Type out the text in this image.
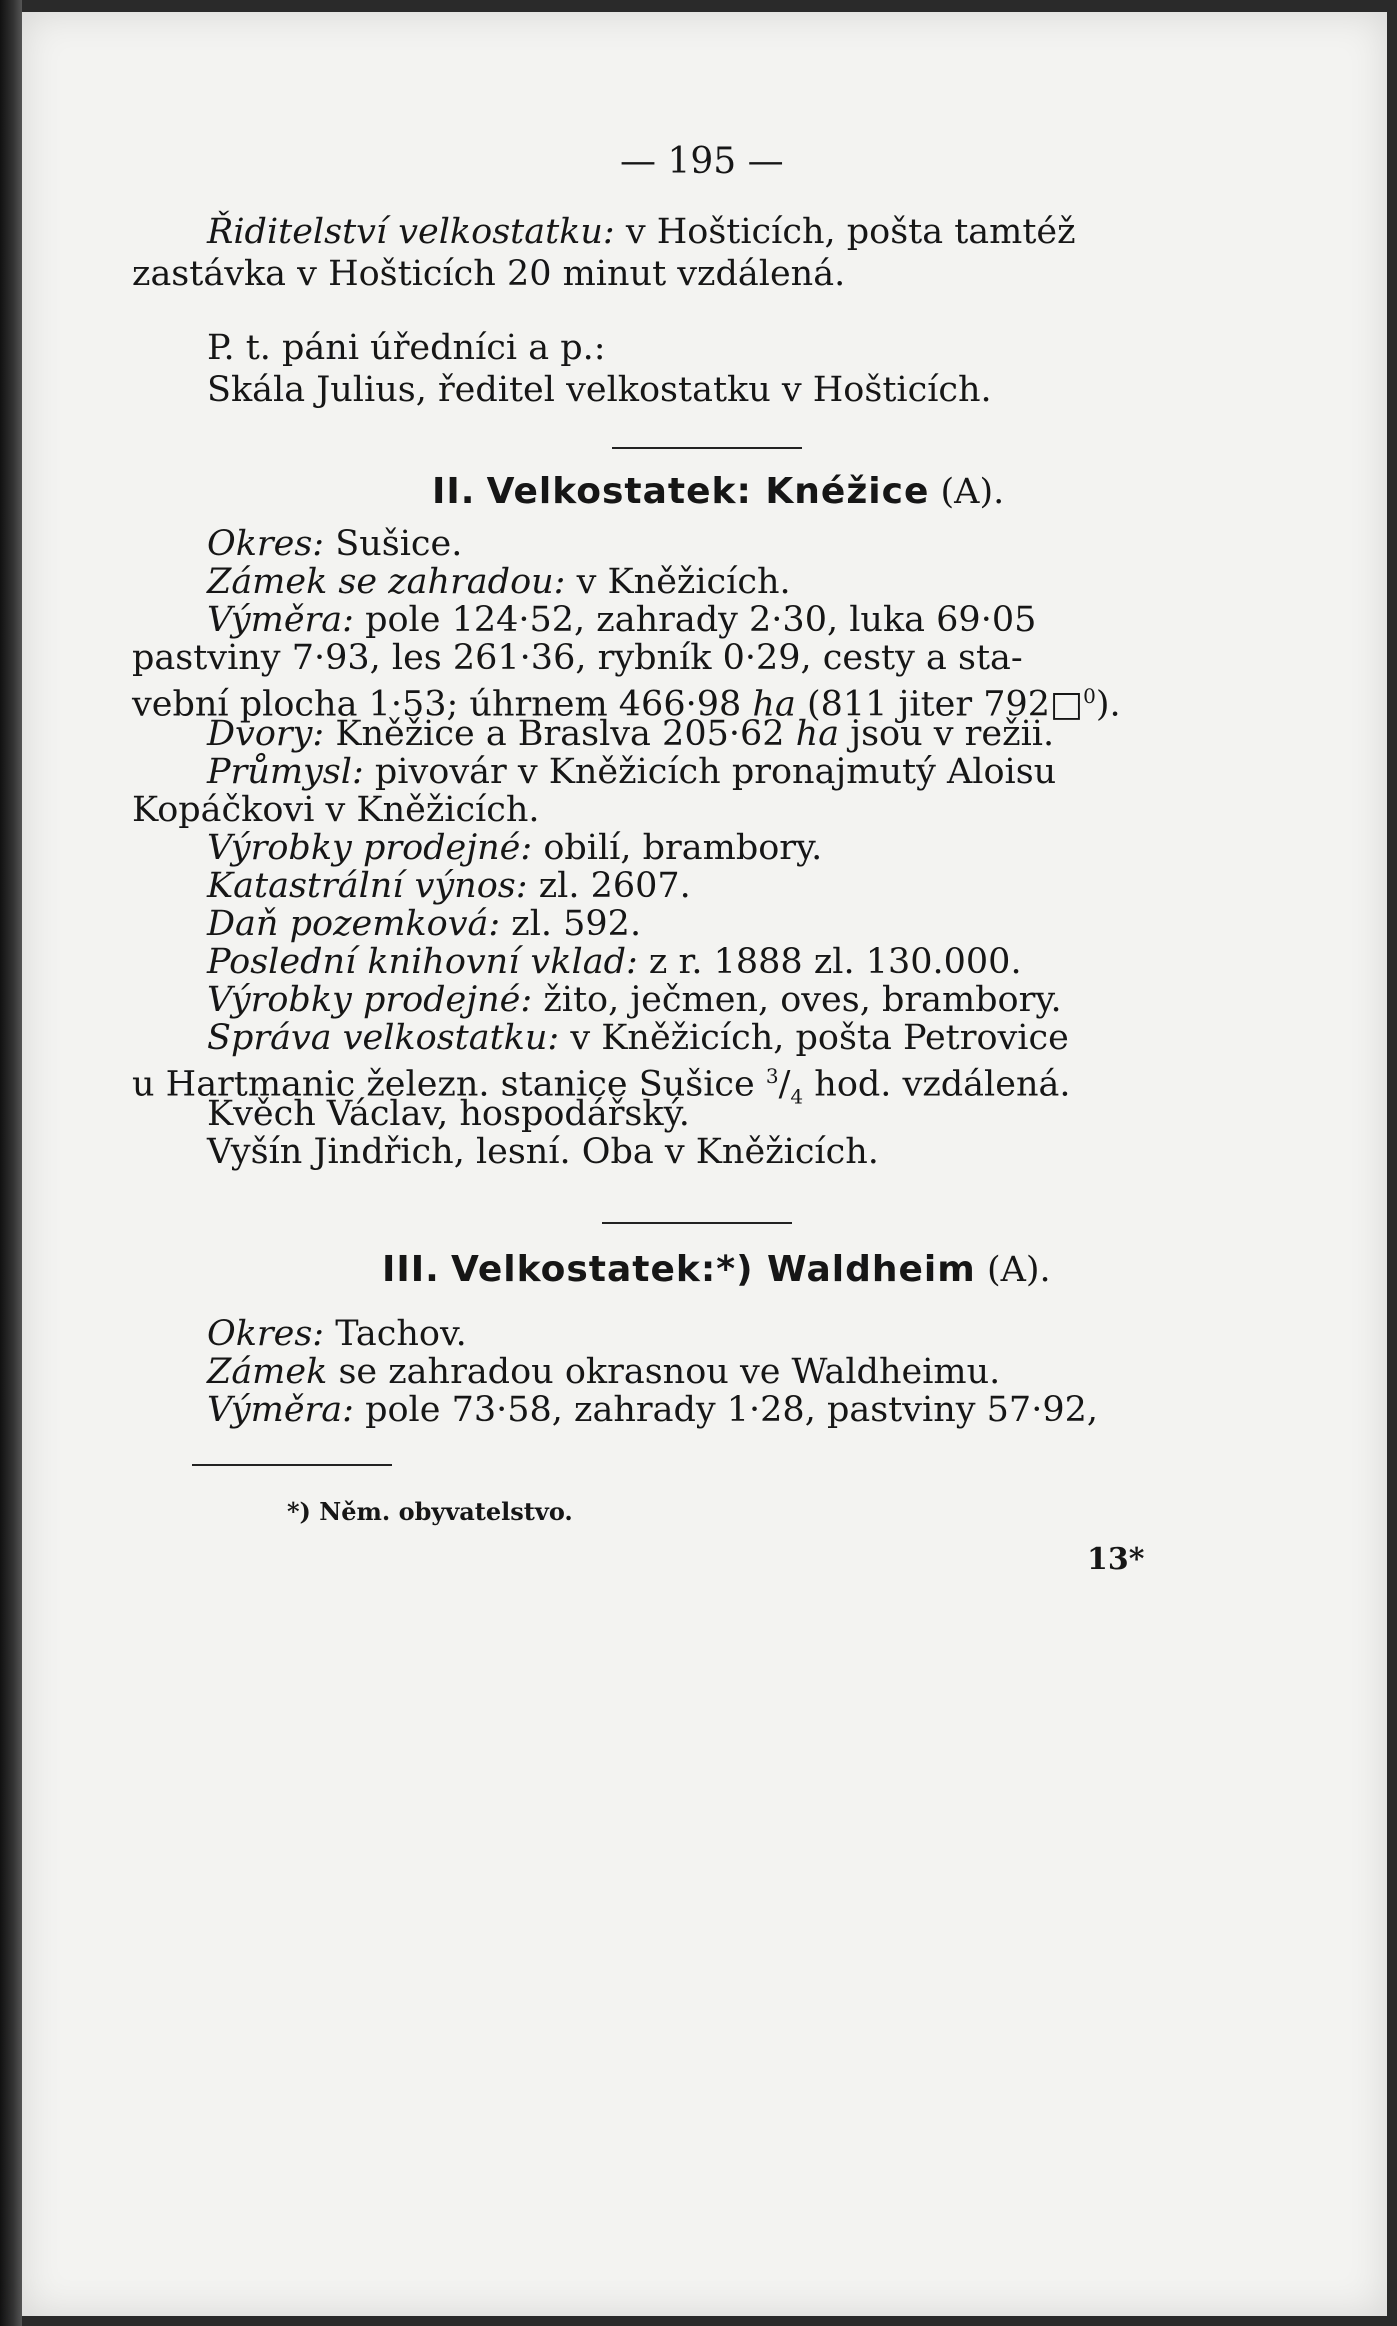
— 195 —
Řiditelství velkostatku: v Hošticích, pošta tamtéž
zastávka v Hošticích 20 minut vzdálená.
P. t. páni úředníci a p.:
Skála Julius, ředitel velkostatku v Hošticích.
II. Velkostatek: Knéžice (A).
Okres: Sušice.
Zámek se zahradou: v Kněžicích.
Výměra: pole 124·52, zahrady 2·30, luka 69·05
pastviny 7·93, les 261·36, rybník 0·29, cesty a sta-
vební plocha 1·53; úhrnem 466·98 ha (811 jiter 792□$^0$).
Dvory: Kněžice a Braslva 205·62 ha jsou v režii.
Průmysl: pivovár v Kněžicích pronajmutý Aloisu
Kopáčkovi v Kněžicích.
Výrobky prodejné: obilí, brambory.
Katastrální výnos: zl. 2607.
Daň pozemková: zl. 592.
Poslední knihovní vklad: z r. 1888 zl. 130.000.
Výrobky prodejné: žito, ječmen, oves, brambory.
Správa velkostatku: v Kněžicích, pošta Petrovice
u Hartmanic železn. stanice Sušice $^3/_4$ hod. vzdálená.
Kvěch Václav, hospodářský.
Vyšín Jindřich, lesní. Oba v Kněžicích.
III. Velkostatek:*) Waldheim (A).
Okres: Tachov.
Zámek se zahradou okrasnou ve Waldheimu.
Výměra: pole 73·58, zahrady 1·28, pastviny 57·92,
*) Něm. obyvatelstvo.
13*
